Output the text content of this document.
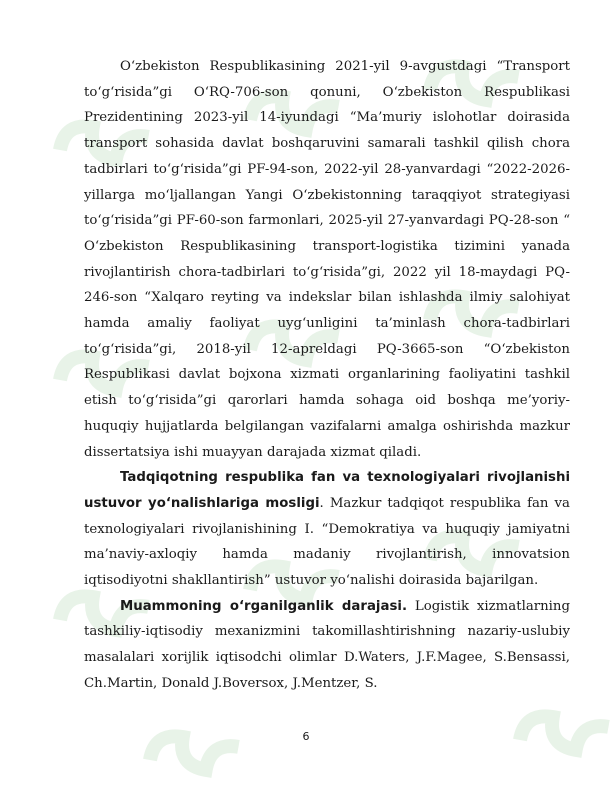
O‘zbekiston Respublikasining 2021-yil 9-avgustdagi “Transport to‘g‘risida”gi O‘RQ-706-son qonuni, O‘zbekiston Respublikasi Prezidentining 2023-yil 14-iyundagi “Ma’muriy islohotlar doirasida transport sohasida davlat boshqaruvini samarali tashkil qilish chora tadbirlari to‘g‘risida”gi PF-94-son, 2022-yil 28-yanvardagi “2022-2026-yillarga mo‘ljallangan Yangi O‘zbekistonning taraqqiyot strategiyasi to‘g‘risida”gi PF-60-son farmonlari, 2025-yil 27-yanvardagi PQ-28-son “ O‘zbekiston Respublikasining transport-logistika tizimini yanada rivojlantirish chora-tadbirlari to‘g‘risida”gi, 2022 yil 18-maydagi PQ-246-son “Xalqaro reyting va indekslar bilan ishlashda ilmiy salohiyat hamda amaliy faoliyat uyg‘unligini ta’minlash chora-tadbirlari to‘g‘risida”gi, 2018-yil 12-apreldagi PQ-3665-son “O‘zbekiston Respublikasi davlat bojxona xizmati organlarining faoliyatini tashkil etish to‘g‘risida”gi qarorlari hamda sohaga oid boshqa me’yoriy-huquqiy hujjatlarda belgilangan vazifalarni amalga oshirishda mazkur dissertatsiya ishi muayyan darajada xizmat qiladi.

Tadqiqotning respublika fan va texnologiyalari rivojlanishi ustuvor yo‘nalishlariga mosligi. Mazkur tadqiqot respublika fan va texnologiyalari rivojlanishining I. “Demokratiya va huquqiy jamiyatni ma’naviy-axloqiy hamda madaniy rivojlantirish, innovatsion iqtisodiyotni shakllantirish” ustuvor yo‘nalishi doirasida bajarilgan.

Muammoning o‘rganilganlik darajasi. Logistik xizmatlarning tashkiliy-iqtisodiy mexanizmini takomillashtirishning nazariy-uslubiy masalalari xorijlik iqtisodchi olimlar D.Waters, J.F.Magee, S.Bensassi, Ch.Martin, Donald J.Boversox, J.Mentzer, S.

6
